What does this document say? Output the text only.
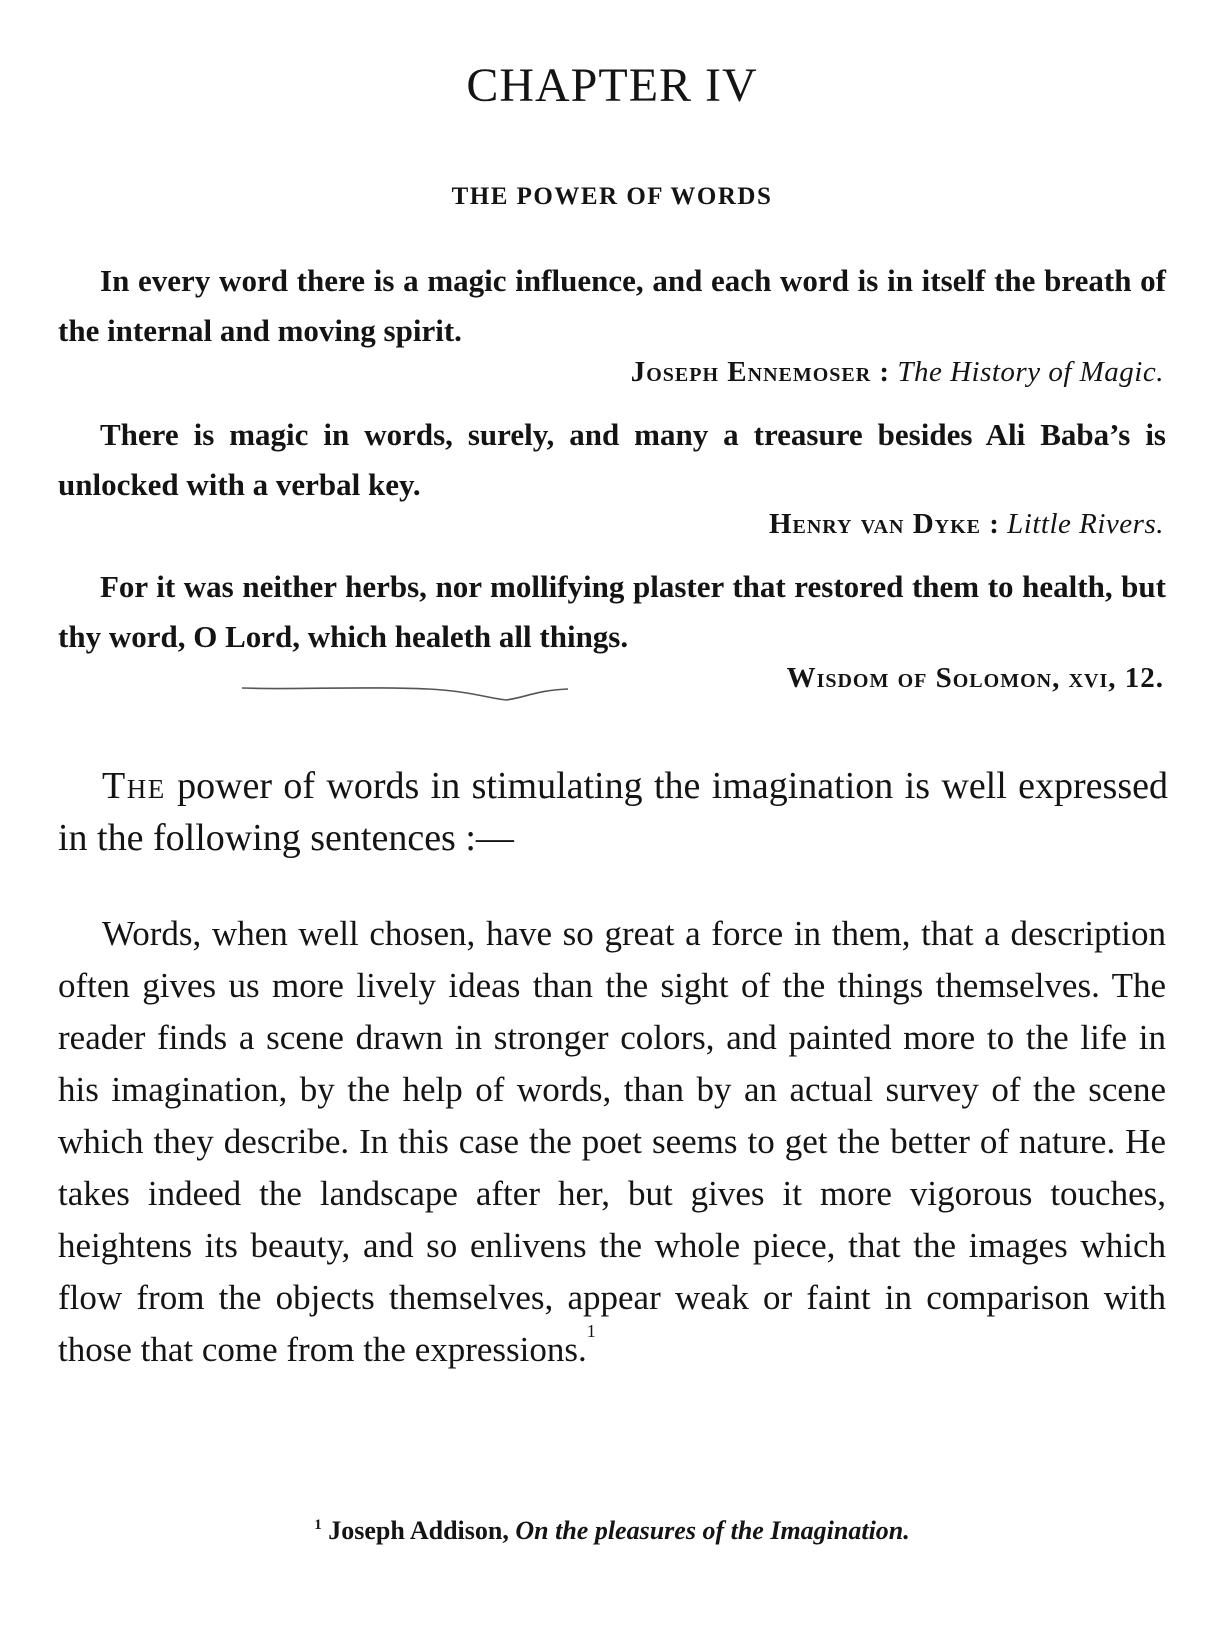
CHAPTER IV
THE POWER OF WORDS

In every word there is a magic influence, and each word is in itself the breath of the internal and moving spirit.

Joseph Ennemoser : The History of Magic.

There is magic in words, surely, and many a treasure besides Ali Baba’s is unlocked with a verbal key.

Henry van Dyke : Little Rivers.

For it was neither herbs, nor mollifying plaster that restored them to health, but thy word, O Lord, which healeth all things.

Wisdom of Solomon, xvi, 12.

The power of words in stimulating the imagination is well expressed in the following sentences :—

Words, when well chosen, have so great a force in them, that a description often gives us more lively ideas than the sight of the things themselves. The reader finds a scene drawn in stronger colors, and painted more to the life in his imagination, by the help of words, than by an actual survey of the scene which they describe. In this case the poet seems to get the better of nature. He takes indeed the landscape after her, but gives it more vigorous touches, heightens its beauty, and so enlivens the whole piece, that the images which flow from the objects themselves, appear weak or faint in comparison with those that come from the expressions.$^1$

$^1$ Joseph Addison, On the pleasures of the Imagination.
